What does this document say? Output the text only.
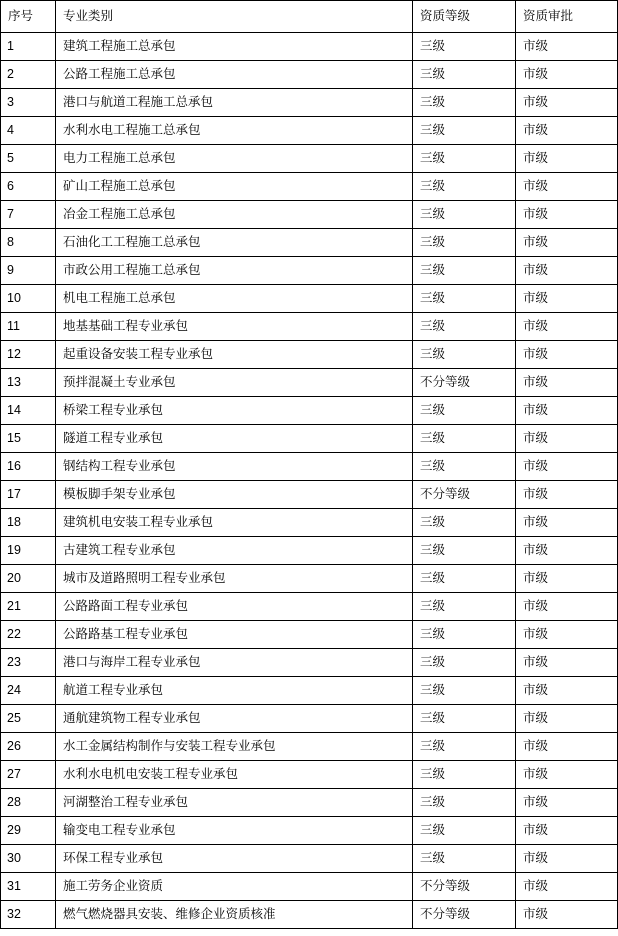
序号	专业类别	资质等级	资质审批
1	建筑工程施工总承包	三级	市级
2	公路工程施工总承包	三级	市级
3	港口与航道工程施工总承包	三级	市级
4	水利水电工程施工总承包	三级	市级
5	电力工程施工总承包	三级	市级
6	矿山工程施工总承包	三级	市级
7	冶金工程施工总承包	三级	市级
8	石油化工工程施工总承包	三级	市级
9	市政公用工程施工总承包	三级	市级
10	机电工程施工总承包	三级	市级
11	地基基础工程专业承包	三级	市级
12	起重设备安装工程专业承包	三级	市级
13	预拌混凝土专业承包	不分等级	市级
14	桥梁工程专业承包	三级	市级
15	隧道工程专业承包	三级	市级
16	钢结构工程专业承包	三级	市级
17	模板脚手架专业承包	不分等级	市级
18	建筑机电安装工程专业承包	三级	市级
19	古建筑工程专业承包	三级	市级
20	城市及道路照明工程专业承包	三级	市级
21	公路路面工程专业承包	三级	市级
22	公路路基工程专业承包	三级	市级
23	港口与海岸工程专业承包	三级	市级
24	航道工程专业承包	三级	市级
25	通航建筑物工程专业承包	三级	市级
26	水工金属结构制作与安装工程专业承包	三级	市级
27	水利水电机电安装工程专业承包	三级	市级
28	河湖整治工程专业承包	三级	市级
29	输变电工程专业承包	三级	市级
30	环保工程专业承包	三级	市级
31	施工劳务企业资质	不分等级	市级
32	燃气燃烧器具安装、维修企业资质核准	不分等级	市级
